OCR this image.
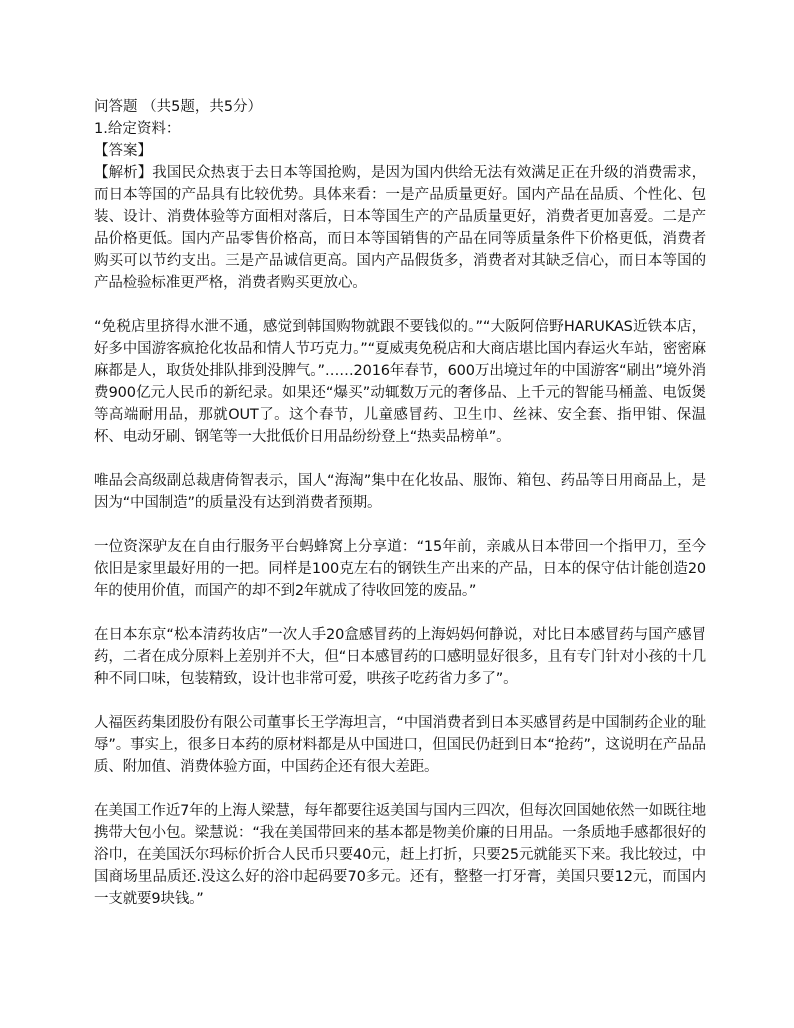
问答题 （共5题，共5分）

1.给定资料：

【答案】

【解析】我国民众热衷于去日本等国抢购，是因为国内供给无法有效满足正在升级的消费需求，而日本等国的产品具有比较优势。具体来看：一是产品质量更好。国内产品在品质、个性化、包装、设计、消费体验等方面相对落后，日本等国生产的产品质量更好，消费者更加喜爱。二是产品价格更低。国内产品零售价格高，而日本等国销售的产品在同等质量条件下价格更低，消费者购买可以节约支出。三是产品诚信更高。国内产品假货多，消费者对其缺乏信心，而日本等国的产品检验标准更严格，消费者购买更放心。

“免税店里挤得水泄不通，感觉到韩国购物就跟不要钱似的。”“大阪阿倍野HARUKAS近铁本店，好多中国游客疯抢化妆品和情人节巧克力。”“夏威夷免税店和大商店堪比国内春运火车站，密密麻麻都是人，取货处排队排到没脾气。”……2016年春节，600万出境过年的中国游客“刷出”境外消费900亿元人民币的新纪录。如果还“爆买”动辄数万元的奢侈品、上千元的智能马桶盖、电饭煲等高端耐用品，那就OUT了。这个春节，儿童感冒药、卫生巾、丝袜、安全套、指甲钳、保温杯、电动牙刷、钢笔等一大批低价日用品纷纷登上“热卖品榜单”。

唯品会高级副总裁唐倚智表示，国人“海淘”集中在化妆品、服饰、箱包、药品等日用商品上，是因为“中国制造”的质量没有达到消费者预期。

一位资深驴友在自由行服务平台蚂蜂窝上分享道：“15年前，亲戚从日本带回一个指甲刀，至今依旧是家里最好用的一把。同样是100克左右的钢铁生产出来的产品，日本的保守估计能创造20年的使用价值，而国产的却不到2年就成了待收回笼的废品。”

在日本东京“松本清药妆店”一次人手20盒感冒药的上海妈妈何静说，对比日本感冒药与国产感冒药，二者在成分原料上差别并不大，但“日本感冒药的口感明显好很多，且有专门针对小孩的十几种不同口味，包装精致，设计也非常可爱，哄孩子吃药省力多了”。

人福医药集团股份有限公司董事长王学海坦言，“中国消费者到日本买感冒药是中国制药企业的耻辱”。事实上，很多日本药的原材料都是从中国进口，但国民仍赶到日本“抢药”，这说明在产品品质、附加值、消费体验方面，中国药企还有很大差距。

在美国工作近7年的上海人梁慧，每年都要往返美国与国内三四次，但每次回国她依然一如既往地携带大包小包。梁慧说：“我在美国带回来的基本都是物美价廉的日用品。一条质地手感都很好的浴巾，在美国沃尔玛标价折合人民币只要40元，赶上打折，只要25元就能买下来。我比较过，中国商场里品质还.没这么好的浴巾起码要70多元。还有，整整一打牙膏，美国只要12元，而国内一支就要9块钱。”
